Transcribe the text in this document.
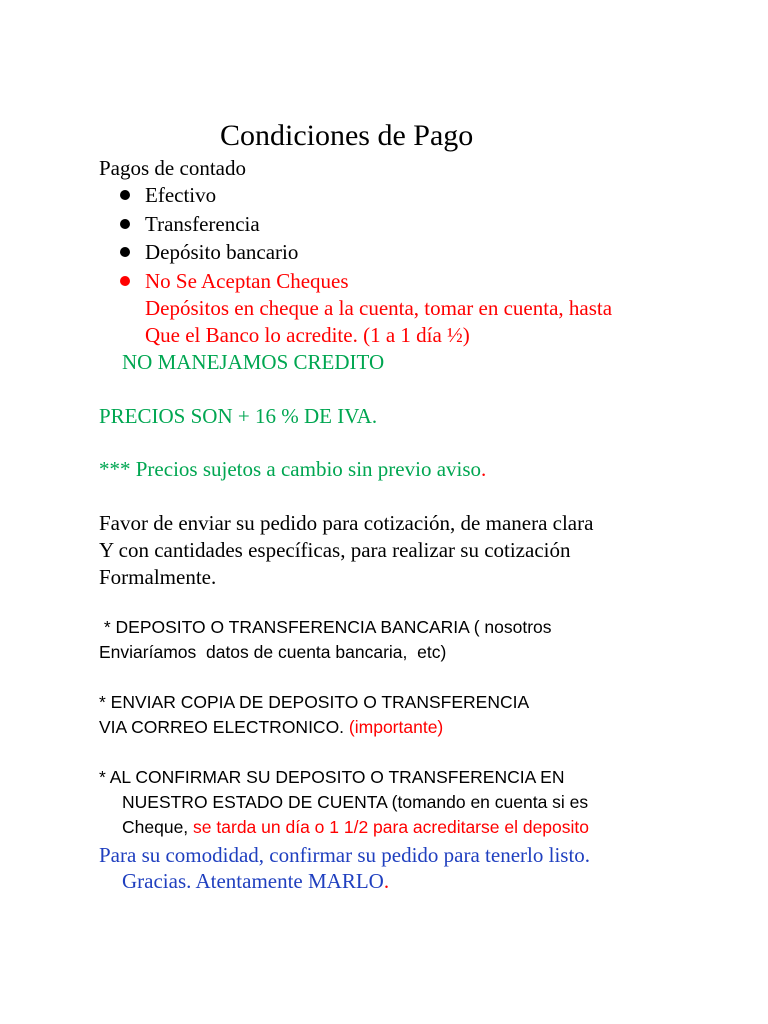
Condiciones de Pago
Pagos de contado
Efectivo
Transferencia
Depósito bancario
No Se Aceptan Cheques
Depósitos en cheque a la cuenta, tomar en cuenta, hasta
Que el Banco lo acredite. (1 a 1 día ½)
NO MANEJAMOS CREDITO
PRECIOS SON + 16 % DE IVA.
*** Precios sujetos a cambio sin previo aviso.
Favor de enviar su pedido para cotización, de manera clara
Y con cantidades específicas, para realizar su cotización
Formalmente.
* DEPOSITO O TRANSFERENCIA BANCARIA ( nosotros
Enviaríamos  datos de cuenta bancaria,  etc)
* ENVIAR COPIA DE DEPOSITO O TRANSFERENCIA
VIA CORREO ELECTRONICO. (importante)
* AL CONFIRMAR SU DEPOSITO O TRANSFERENCIA EN
NUESTRO ESTADO DE CUENTA (tomando en cuenta si es
Cheque, se tarda un día o 1 1/2 para acreditarse el deposito
Para su comodidad, confirmar su pedido para tenerlo listo.
Gracias. Atentamente MARLO.
